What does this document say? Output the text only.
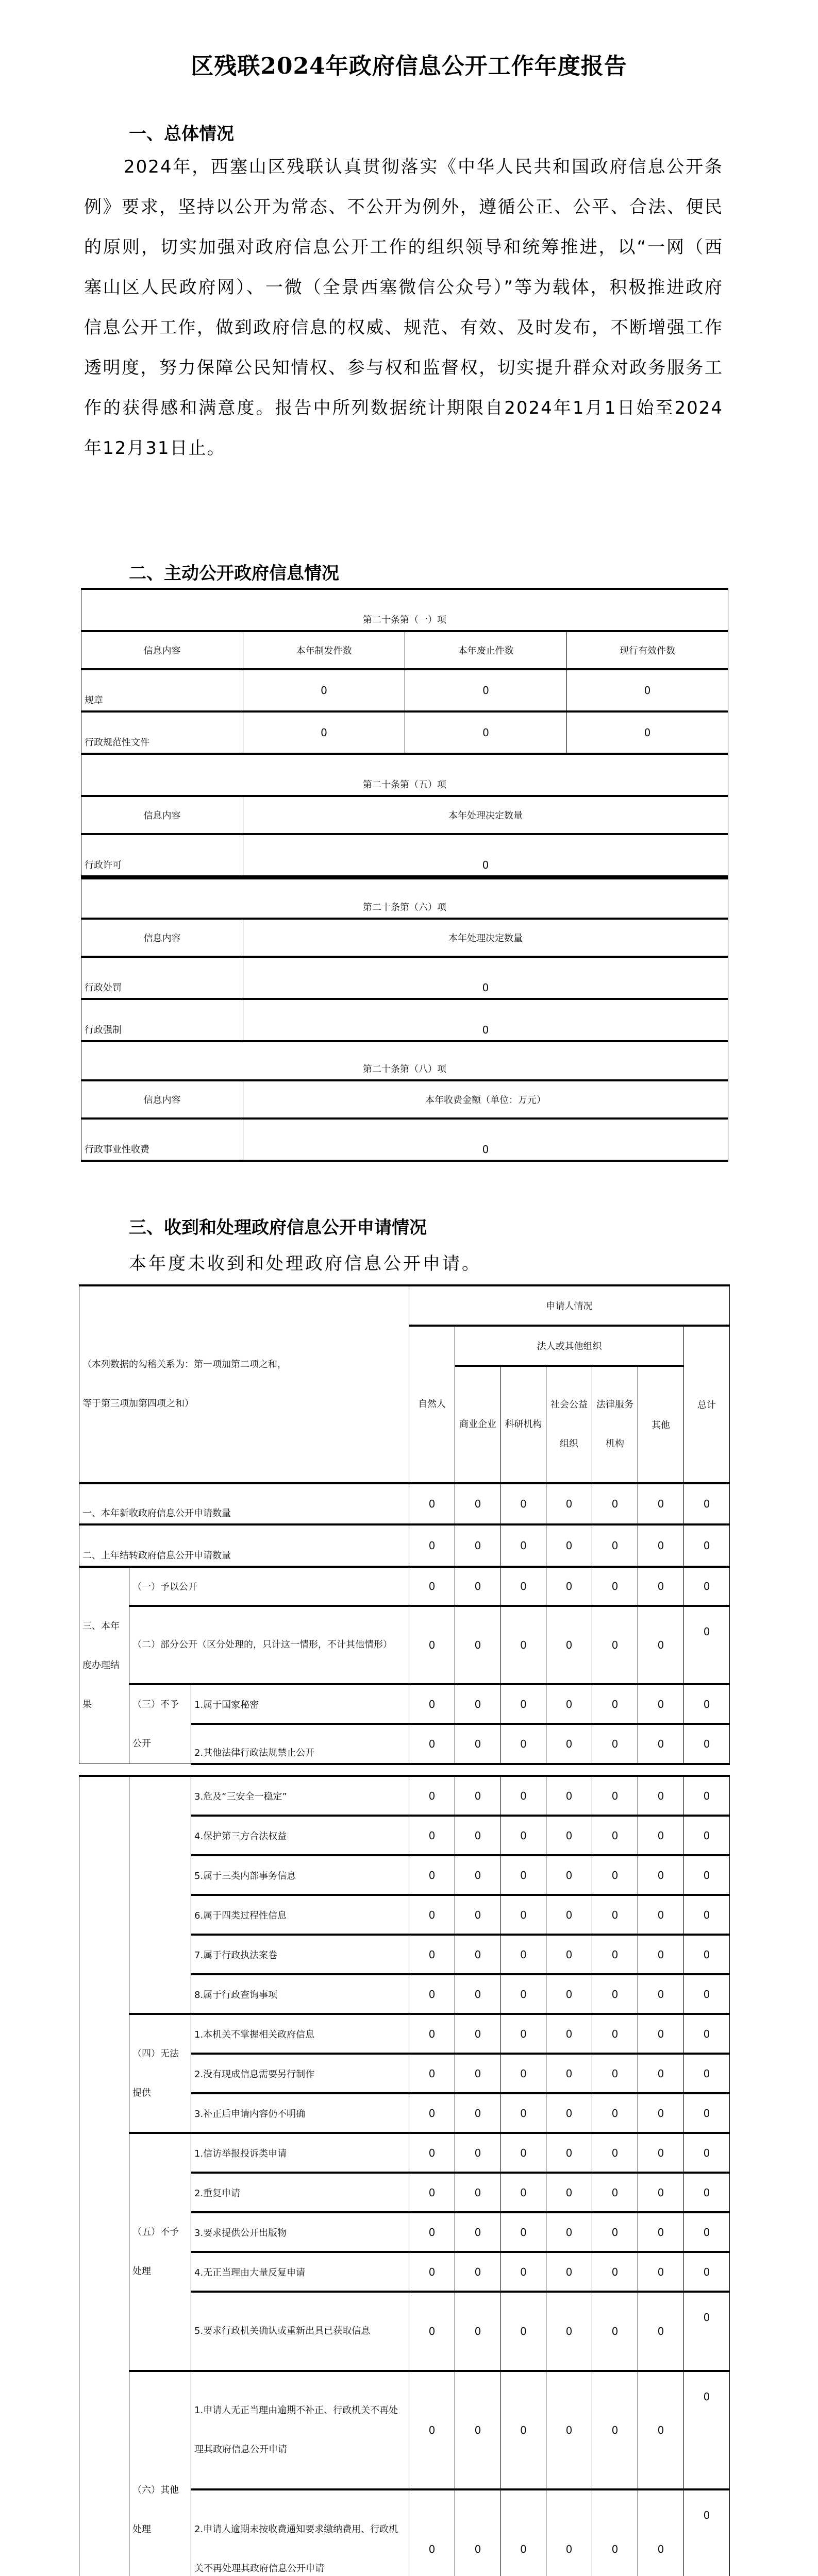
区残联2024年政府信息公开工作年度报告
一、总体情况
2024年，西塞山区残联认真贯彻落实《中华人民共和国政府信息公开条例》要求，坚持以公开为常态、不公开为例外，遵循公正、公平、合法、便民的原则，切实加强对政府信息公开工作的组织领导和统筹推进，以“一网（西塞山区人民政府网）、一微（全景西塞微信公众号）”等为载体，积极推进政府信息公开工作，做到政府信息的权威、规范、有效、及时发布，不断增强工作透明度，努力保障公民知情权、参与权和监督权，切实提升群众对政务服务工作的获得感和满意度。报告中所列数据统计期限自2024年1月1日始至2024年12月31日止。
二、主动公开政府信息情况
第二十条第（一）项			
信息内容	本年制发件数	本年废止件数	现行有效件数
规章	0	0	0
行政规范性文件	0	0	0
第二十条第（五）项			
信息内容	本年处理决定数量		
行政许可	0		
第二十条第（六）项	
信息内容	本年处理决定数量
行政处罚	0
行政强制	0
第二十条第（八）项	
信息内容	本年收费金额（单位：万元）
行政事业性收费	0
三、收到和处理政府信息公开申请情况
本年度未收到和处理政府信息公开申请。
（本列数据的勾稽关系为：第一项加第二项之和，
等于第三项加第四项之和）			申请人情况						
			自然人	法人或其他组织					总计
				商业企业	科研机构	社会公益组织	法律服务机构	其他	
一、本年新收政府信息公开申请数量			0	0	0	0	0	0	0
二、上年结转政府信息公开申请数量			0	0	0	0	0	0	0
三、本年度办理结果	（一）予以公开		0	0	0	0	0	0	0
	（二）部分公开（区分处理的，只计这一情形，不计其他情形）		0	0	0	0	0	0	0
	（三）不予公开	1.属于国家秘密	0	0	0	0	0	0	0
		2.其他法律行政法规禁止公开	0	0	0	0	0	0	0
		3.危及“三安全一稳定”	0	0	0	0	0	0	0
		4.保护第三方合法权益	0	0	0	0	0	0	0
		5.属于三类内部事务信息	0	0	0	0	0	0	0
		6.属于四类过程性信息	0	0	0	0	0	0	0
		7.属于行政执法案卷	0	0	0	0	0	0	0
		8.属于行政查询事项	0	0	0	0	0	0	0
	（四）无法提供	1.本机关不掌握相关政府信息	0	0	0	0	0	0	0
		2.没有现成信息需要另行制作	0	0	0	0	0	0	0
		3.补正后申请内容仍不明确	0	0	0	0	0	0	0
	（五）不予处理	1.信访举报投诉类申请	0	0	0	0	0	0	0
		2.重复申请	0	0	0	0	0	0	0
		3.要求提供公开出版物	0	0	0	0	0	0	0
		4.无正当理由大量反复申请	0	0	0	0	0	0	0
		5.要求行政机关确认或重新出具已获取信息	0	0	0	0	0	0	0
	（六）其他处理	1.申请人无正当理由逾期不补正、行政机关不再处理其政府信息公开申请	0	0	0	0	0	0	0
		2.申请人逾期未按收费通知要求缴纳费用、行政机关不再处理其政府信息公开申请	0	0	0	0	0	0	0
